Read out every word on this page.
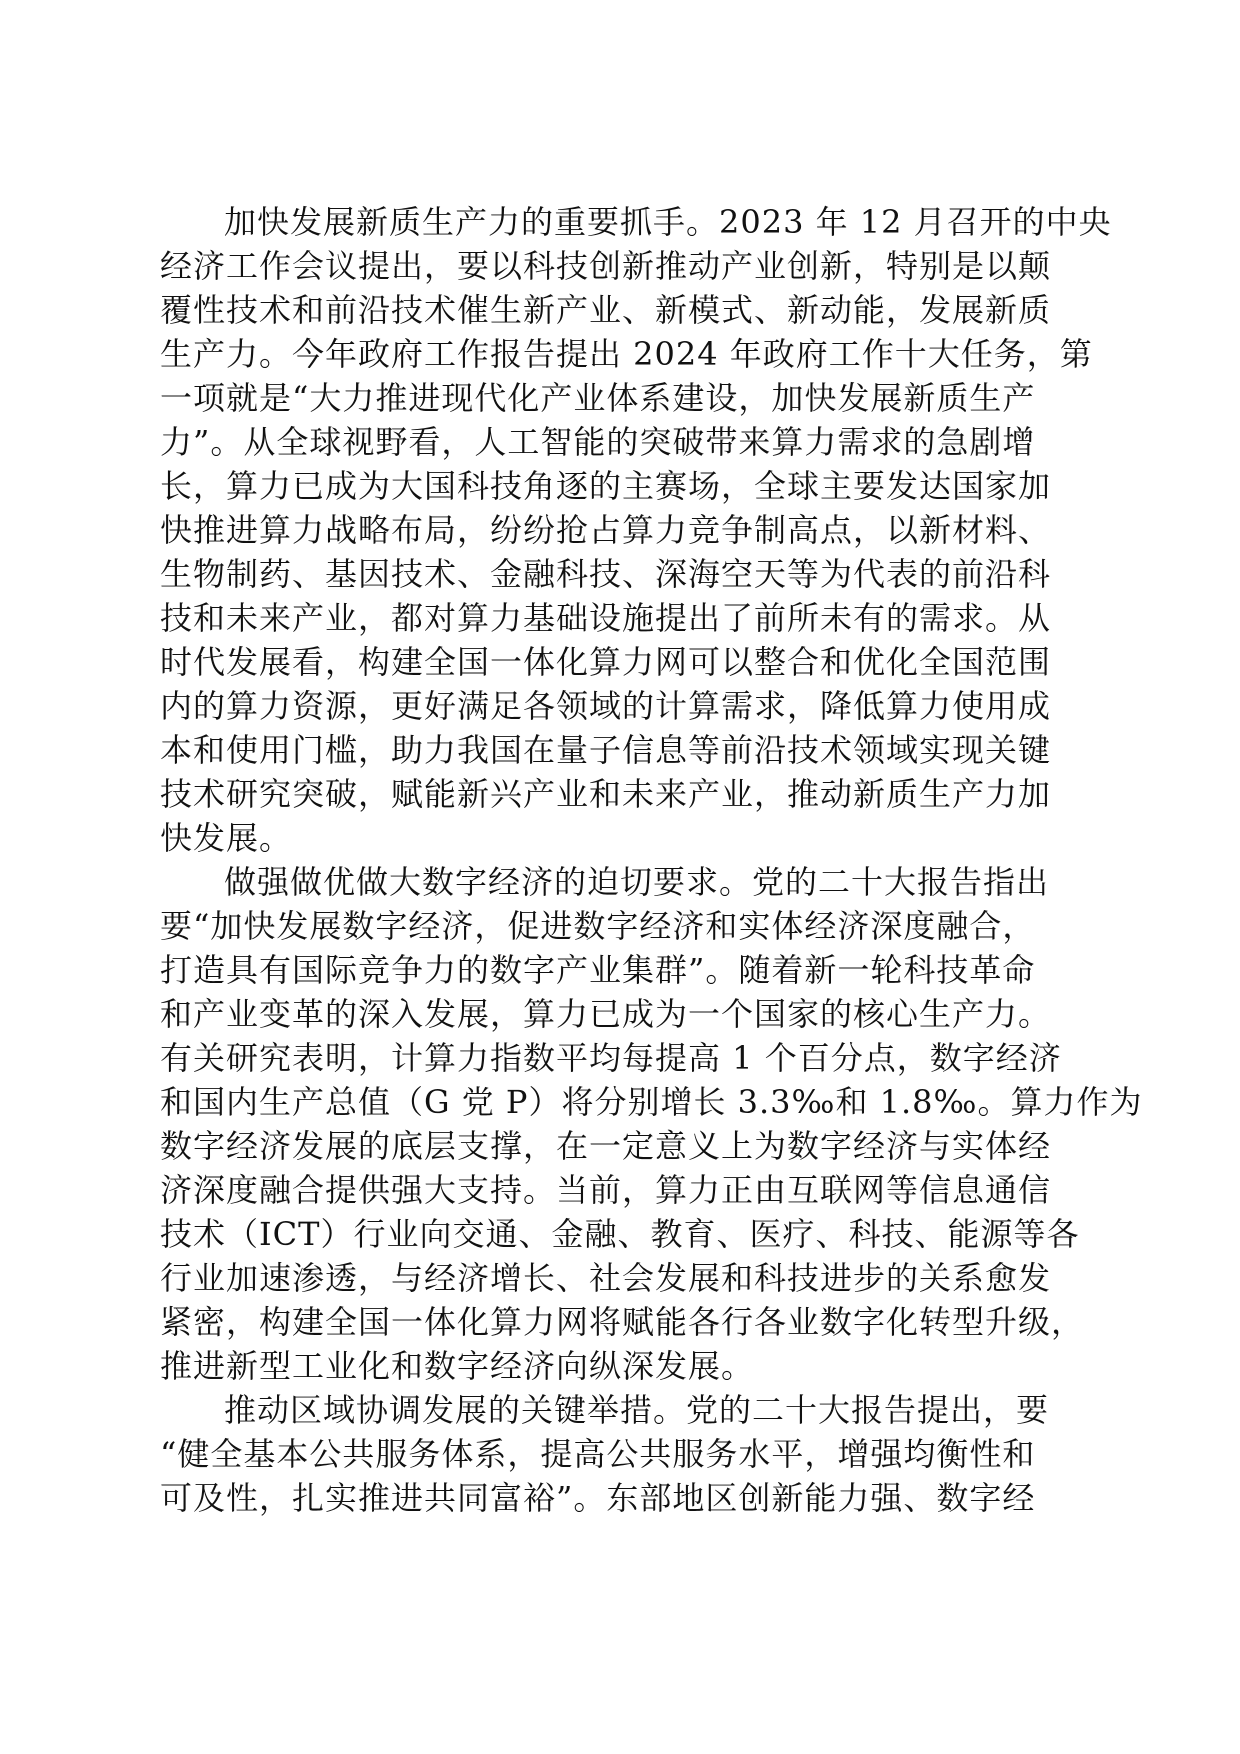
加快发展新质生产力的重要抓手。2023 年 12 月召开的中央
经济工作会议提出，要以科技创新推动产业创新，特别是以颠
覆性技术和前沿技术催生新产业、新模式、新动能，发展新质
生产力。今年政府工作报告提出 2024 年政府工作十大任务，第
一项就是“大力推进现代化产业体系建设，加快发展新质生产
力”。从全球视野看，人工智能的突破带来算力需求的急剧增
长，算力已成为大国科技角逐的主赛场，全球主要发达国家加
快推进算力战略布局，纷纷抢占算力竞争制高点，以新材料、
生物制药、基因技术、金融科技、深海空天等为代表的前沿科
技和未来产业，都对算力基础设施提出了前所未有的需求。从
时代发展看，构建全国一体化算力网可以整合和优化全国范围
内的算力资源，更好满足各领域的计算需求，降低算力使用成
本和使用门槛，助力我国在量子信息等前沿技术领域实现关键
技术研究突破，赋能新兴产业和未来产业，推动新质生产力加
快发展。

做强做优做大数字经济的迫切要求。党的二十大报告指出
要“加快发展数字经济，促进数字经济和实体经济深度融合，
打造具有国际竞争力的数字产业集群”。随着新一轮科技革命
和产业变革的深入发展，算力已成为一个国家的核心生产力。
有关研究表明，计算力指数平均每提高 1 个百分点，数字经济
和国内生产总值（G 党 P）将分别增长 3.3‰和 1.8‰。算力作为
数字经济发展的底层支撑，在一定意义上为数字经济与实体经
济深度融合提供强大支持。当前，算力正由互联网等信息通信
技术（ICT）行业向交通、金融、教育、医疗、科技、能源等各
行业加速渗透，与经济增长、社会发展和科技进步的关系愈发
紧密，构建全国一体化算力网将赋能各行各业数字化转型升级，
推进新型工业化和数字经济向纵深发展。

推动区域协调发展的关键举措。党的二十大报告提出，要
“健全基本公共服务体系，提高公共服务水平，增强均衡性和
可及性，扎实推进共同富裕”。东部地区创新能力强、数字经
